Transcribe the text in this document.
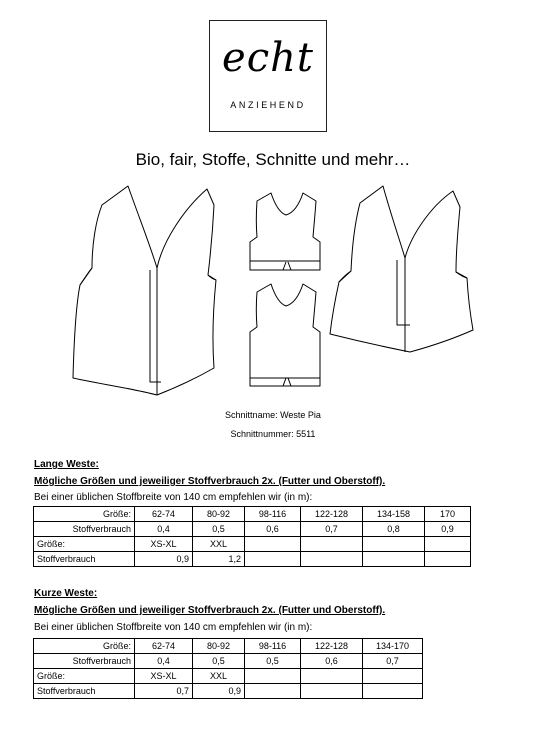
echt
ANZIEHEND
Bio, fair, Stoffe, Schnitte und mehr…
Schnittname: Weste Pia
Schnittnummer: 5511
Lange Weste:
Mögliche Größen und jeweiliger Stoffverbrauch 2x. (Futter und Oberstoff).
Bei einer üblichen Stoffbreite von 140 cm empfehlen wir (in m):
Größe:	62-74	80-92	98-116	122-128	134-158	170
Stoffverbrauch	0,4	0,5	0,6	0,7	0,8	0,9
Größe:	XS-XL	XXL				
Stoffverbrauch	0,9	1,2				
Kurze Weste:
Mögliche Größen und jeweiliger Stoffverbrauch 2x. (Futter und Oberstoff).
Bei einer üblichen Stoffbreite von 140 cm empfehlen wir (in m):
Größe:	62-74	80-92	98-116	122-128	134-170
Stoffverbrauch	0,4	0,5	0,5	0,6	0,7
Größe:	XS-XL	XXL			
Stoffverbrauch	0,7	0,9			
